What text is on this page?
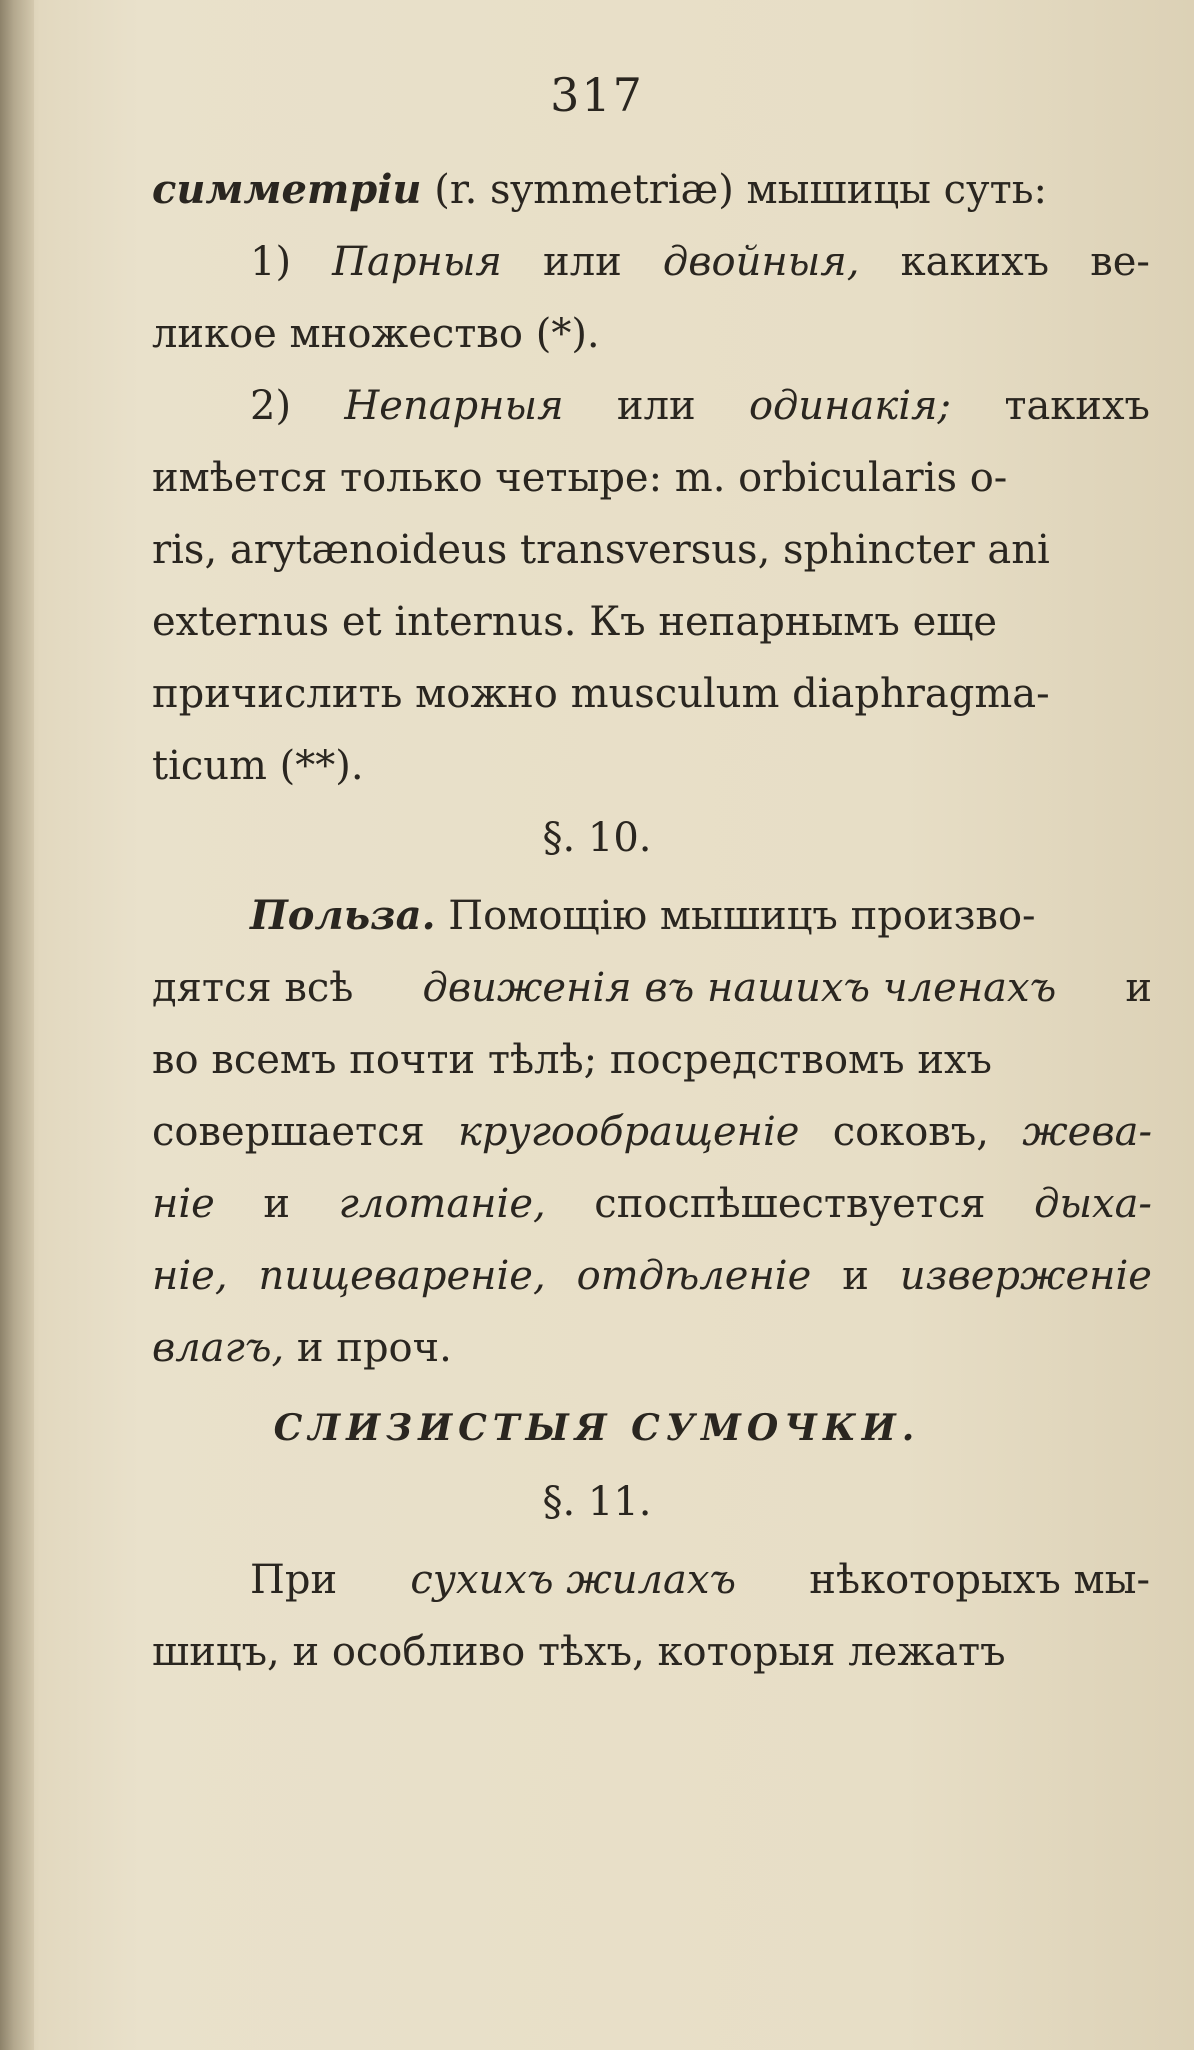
317
симметріи (r. symmetriæ) мышицы суть:
1) Парныя или двойныя, какихъ ве-
ликое множество (*).
2) Непарныя или одинакія; такихъ
имѣется только четыре: m. orbicularis o-
ris, arytænoideus transversus, sphincter ani
externus et internus. Къ непарнымъ еще
причислить можно musculum diaphragma-
ticum (**).
§. 10.
Польза. Помощію мышицъ произво-
дятся всѣ движенія въ нашихъ членахъ и
во всемъ почти тѣлѣ; посредствомъ ихъ
совершается кругообращеніе соковъ, жева-
ніе и глотаніе, споспѣшествуется дыха-
ніе, пищевареніе, отдѣленіе и изверженіе
влагъ, и проч.
СЛИЗИСТЫЯ СУМОЧКИ.
§. 11.
При сухихъ жилахъ нѣкоторыхъ мы-
шицъ, и особливо тѣхъ, которыя лежатъ
